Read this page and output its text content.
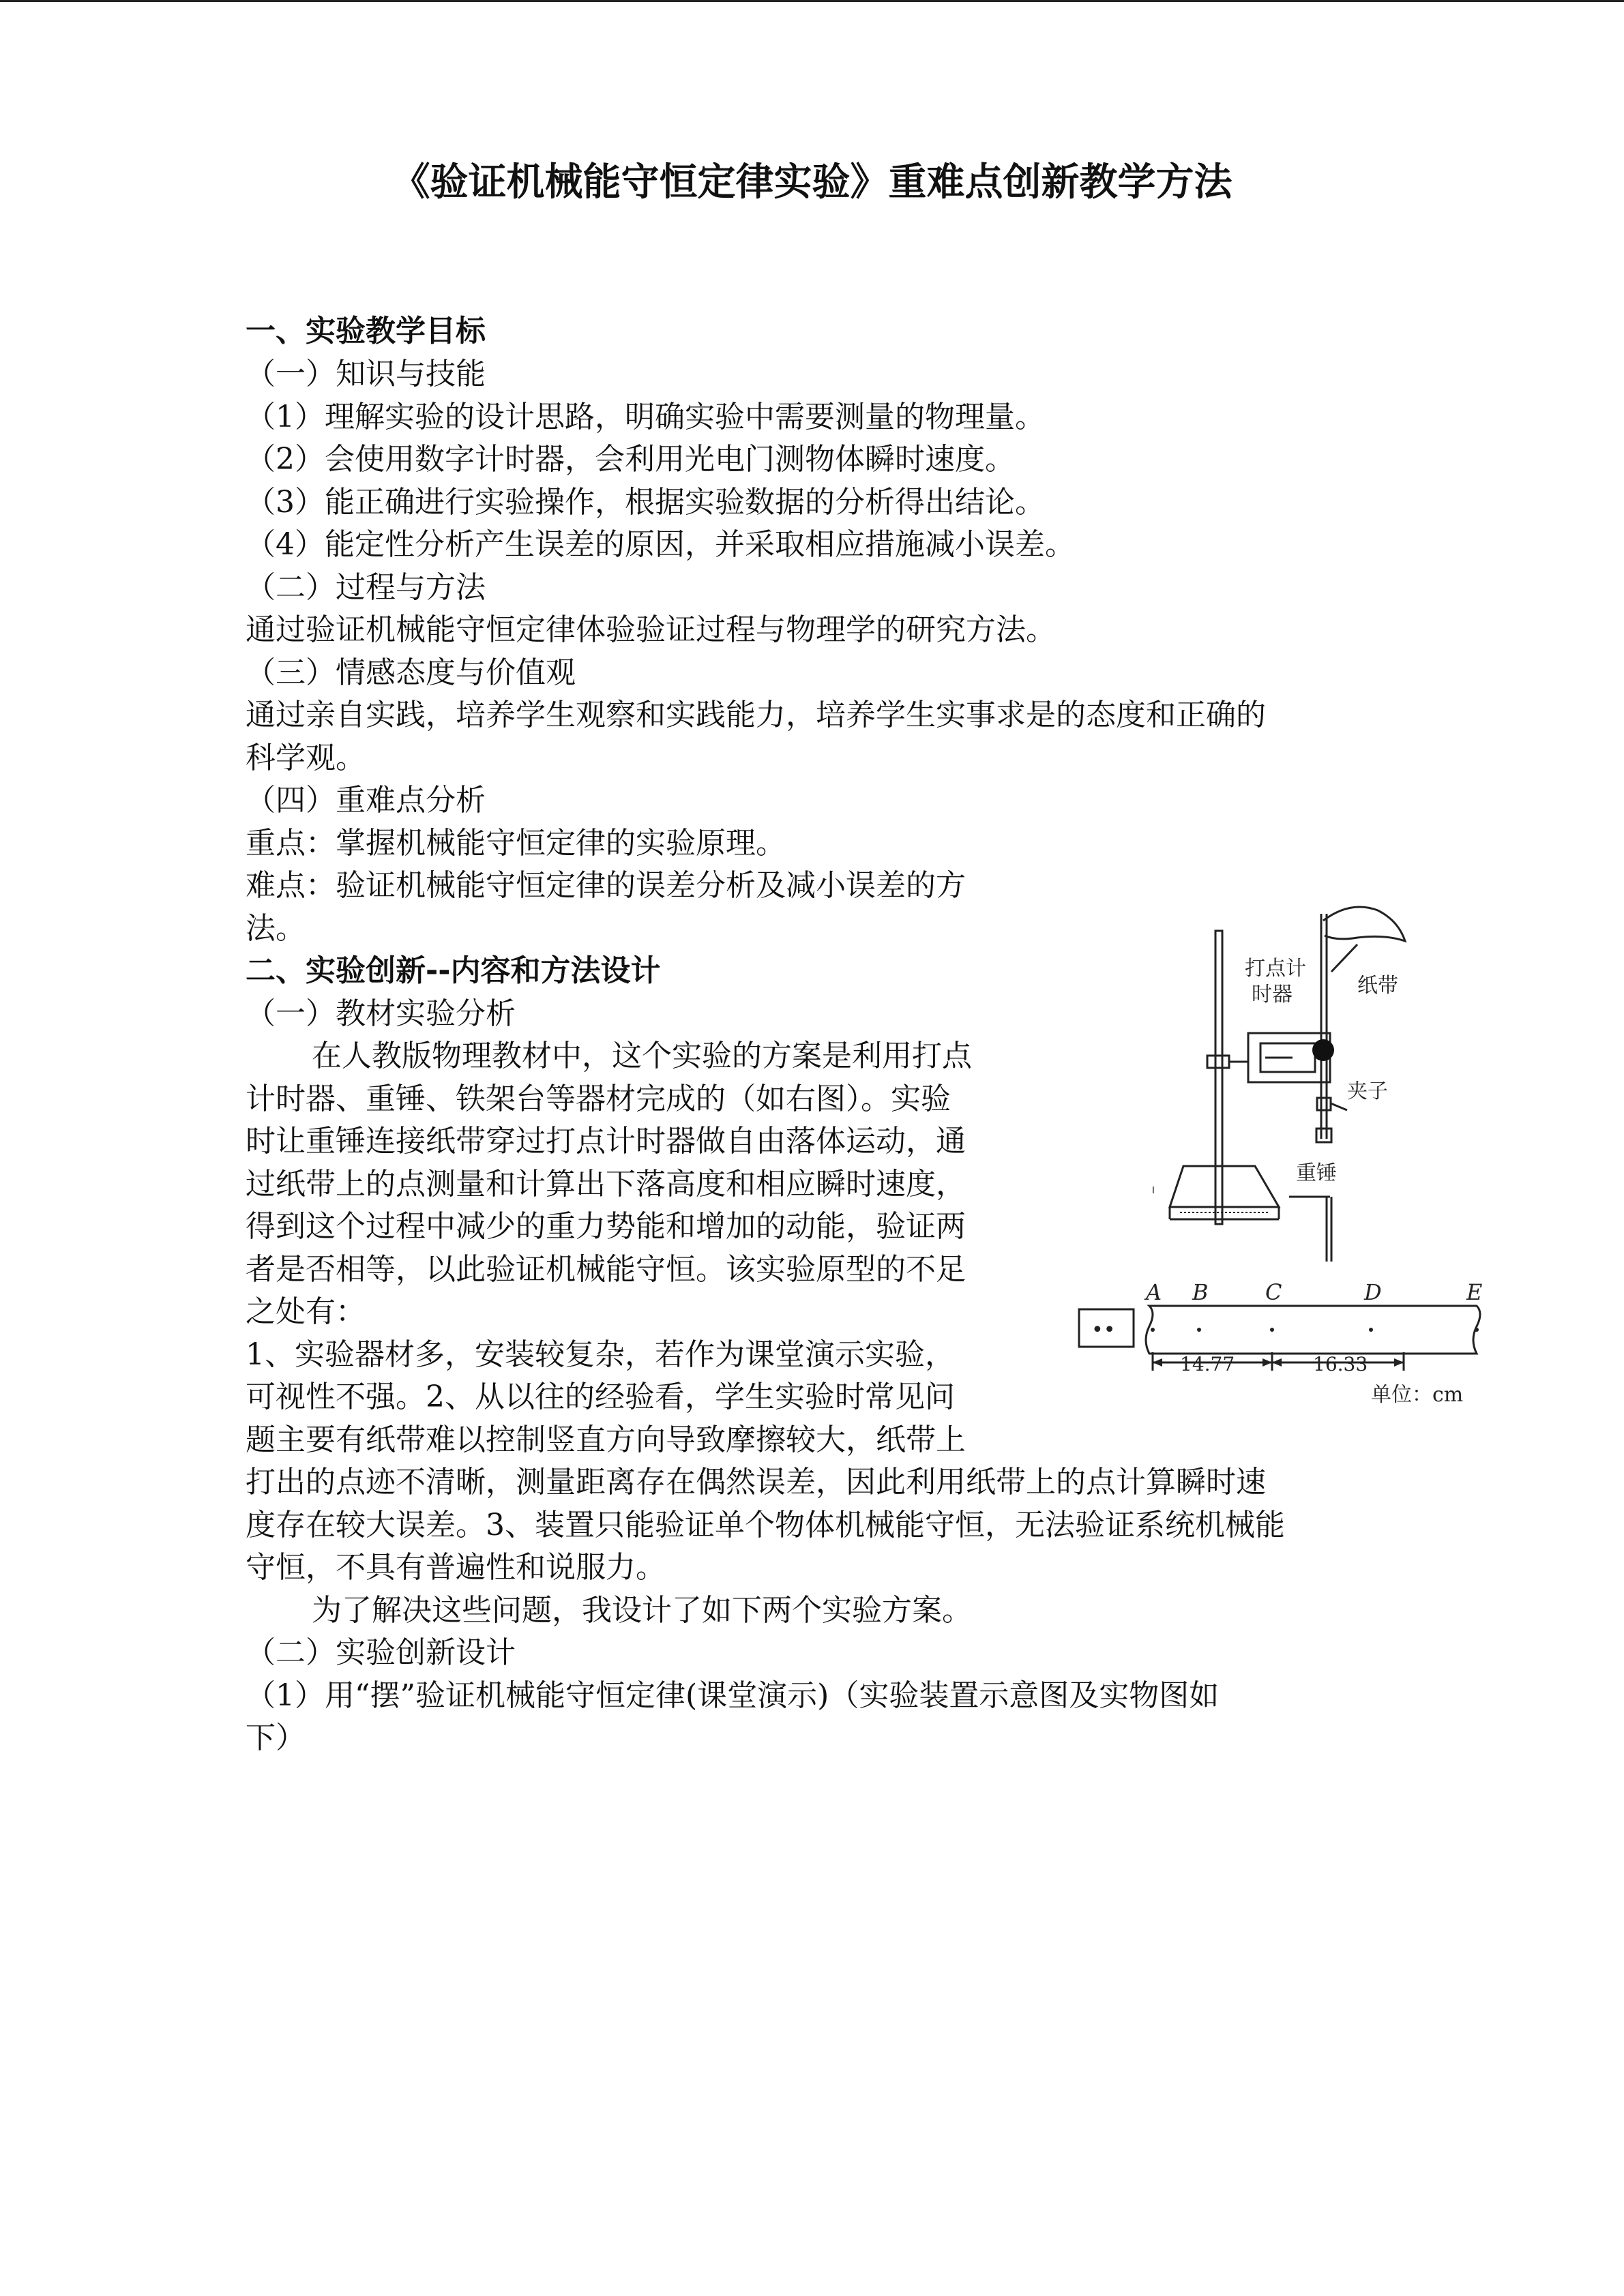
《验证机械能守恒定律实验》重难点创新教学方法
一、实验教学目标
（一）知识与技能
（1）理解实验的设计思路，明确实验中需要测量的物理量。
（2）会使用数字计时器，会利用光电门测物体瞬时速度。
（3）能正确进行实验操作，根据实验数据的分析得出结论。
（4）能定性分析产生误差的原因，并采取相应措施减小误差。
（二）过程与方法
通过验证机械能守恒定律体验验证过程与物理学的研究方法。
（三）情感态度与价值观
通过亲自实践，培养学生观察和实践能力，培养学生实事求是的态度和正确的
科学观。
（四）重难点分析
重点：掌握机械能守恒定律的实验原理。
难点：验证机械能守恒定律的误差分析及减小误差的方
法。
二、实验创新--内容和方法设计
（一）教材实验分析
在人教版物理教材中，这个实验的方案是利用打点
计时器、重锤、铁架台等器材完成的（如右图）。实验
时让重锤连接纸带穿过打点计时器做自由落体运动，通
过纸带上的点测量和计算出下落高度和相应瞬时速度，
得到这个过程中减少的重力势能和增加的动能，验证两
者是否相等，以此验证机械能守恒。该实验原型的不足
之处有：
1、实验器材多，安装较复杂，若作为课堂演示实验，
可视性不强。2、从以往的经验看，学生实验时常见问
题主要有纸带难以控制竖直方向导致摩擦较大，纸带上
打出的点迹不清晰，测量距离存在偶然误差，因此利用纸带上的点计算瞬时速
度存在较大误差。3、装置只能验证单个物体机械能守恒，无法验证系统机械能
守恒，不具有普遍性和说服力。
为了解决这些问题，我设计了如下两个实验方案。
（二）实验创新设计
（1）用“摆”验证机械能守恒定律(课堂演示)（实验装置示意图及实物图如
下）
打点计
时器	纸带
夹子
重锤
••
A B	C	D	E
14.77	16.33
单位：cm
